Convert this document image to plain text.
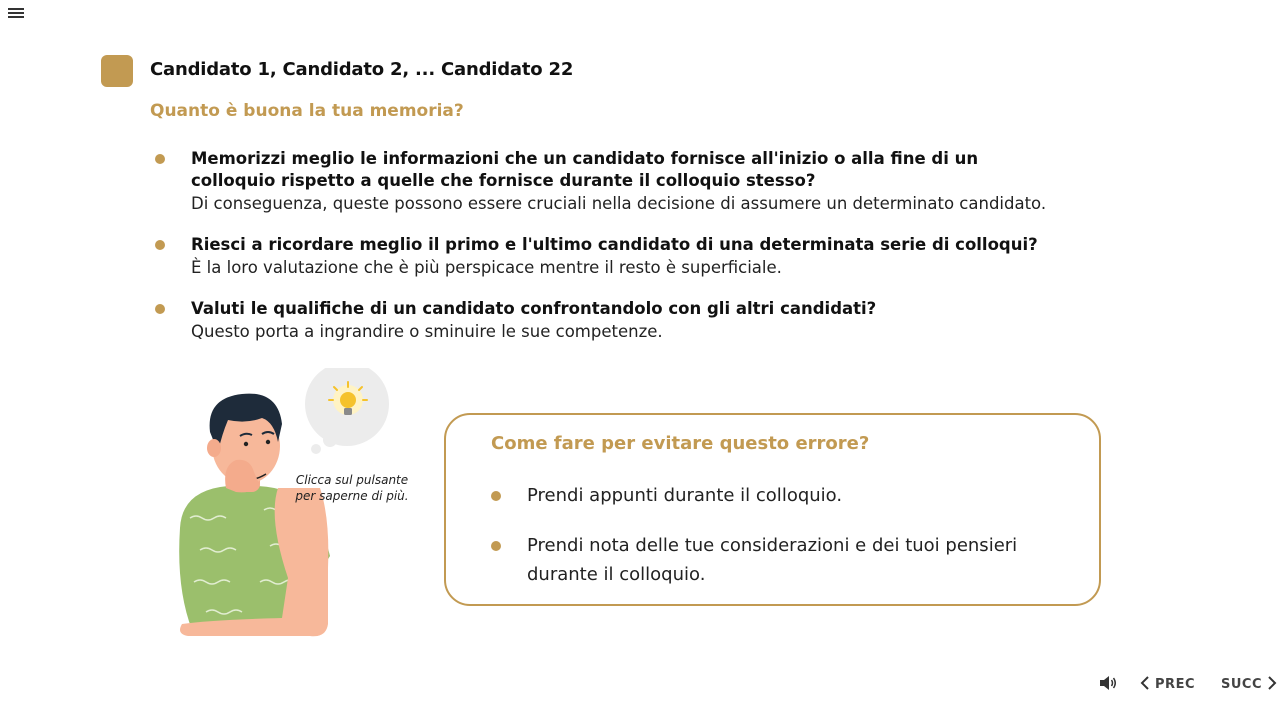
Candidato 1, Candidato 2, ... Candidato 22
Quanto è buona la tua memoria?
Memorizzi meglio le informazioni che un candidato fornisce all'inizio o alla fine di un colloquio rispetto a quelle che fornisce durante il colloquio stesso?
Di conseguenza, queste possono essere cruciali nella decisione di assumere un determinato candidato.
Riesci a ricordare meglio il primo e l'ultimo candidato di una determinata serie di colloqui?
È la loro valutazione che è più perspicace mentre il resto è superficiale.
Valuti le qualifiche di un candidato confrontandolo con gli altri candidati?
Questo porta a ingrandire o sminuire le sue competenze.
Clicca sul pulsante per saperne di più.
Come fare per evitare questo errore?
Prendi appunti durante il colloquio.
Prendi nota delle tue considerazioni e dei tuoi pensieri durante il colloquio.
PREC SUCC
